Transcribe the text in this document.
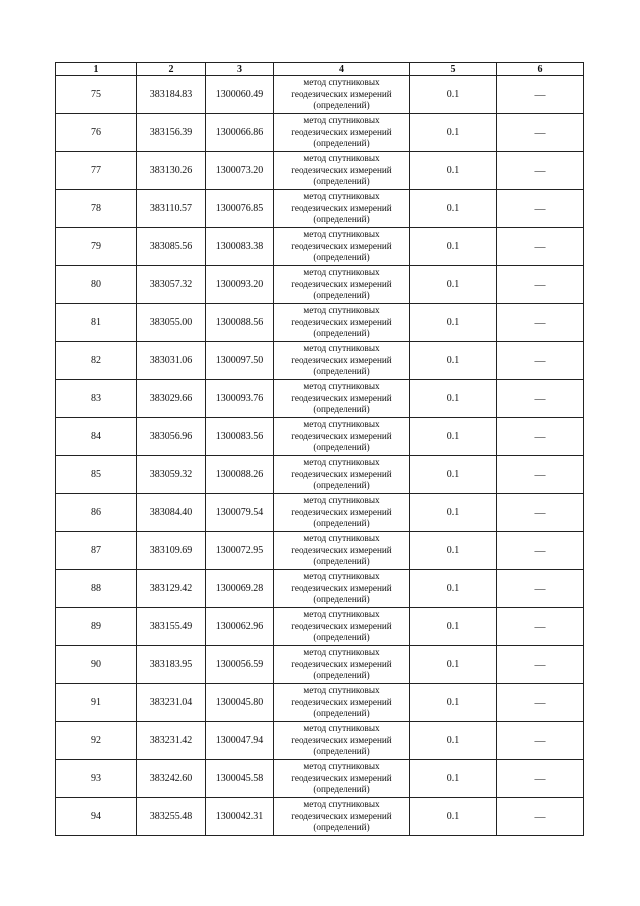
1	2	3	4	5	6
75	383184.83	1300060.49	метод спутниковых геодезических измерений (определений)	0.1	—
76	383156.39	1300066.86	метод спутниковых геодезических измерений (определений)	0.1	—
77	383130.26	1300073.20	метод спутниковых геодезических измерений (определений)	0.1	—
78	383110.57	1300076.85	метод спутниковых геодезических измерений (определений)	0.1	—
79	383085.56	1300083.38	метод спутниковых геодезических измерений (определений)	0.1	—
80	383057.32	1300093.20	метод спутниковых геодезических измерений (определений)	0.1	—
81	383055.00	1300088.56	метод спутниковых геодезических измерений (определений)	0.1	—
82	383031.06	1300097.50	метод спутниковых геодезических измерений (определений)	0.1	—
83	383029.66	1300093.76	метод спутниковых геодезических измерений (определений)	0.1	—
84	383056.96	1300083.56	метод спутниковых геодезических измерений (определений)	0.1	—
85	383059.32	1300088.26	метод спутниковых геодезических измерений (определений)	0.1	—
86	383084.40	1300079.54	метод спутниковых геодезических измерений (определений)	0.1	—
87	383109.69	1300072.95	метод спутниковых геодезических измерений (определений)	0.1	—
88	383129.42	1300069.28	метод спутниковых геодезических измерений (определений)	0.1	—
89	383155.49	1300062.96	метод спутниковых геодезических измерений (определений)	0.1	—
90	383183.95	1300056.59	метод спутниковых геодезических измерений (определений)	0.1	—
91	383231.04	1300045.80	метод спутниковых геодезических измерений (определений)	0.1	—
92	383231.42	1300047.94	метод спутниковых геодезических измерений (определений)	0.1	—
93	383242.60	1300045.58	метод спутниковых геодезических измерений (определений)	0.1	—
94	383255.48	1300042.31	метод спутниковых геодезических измерений (определений)	0.1	—
